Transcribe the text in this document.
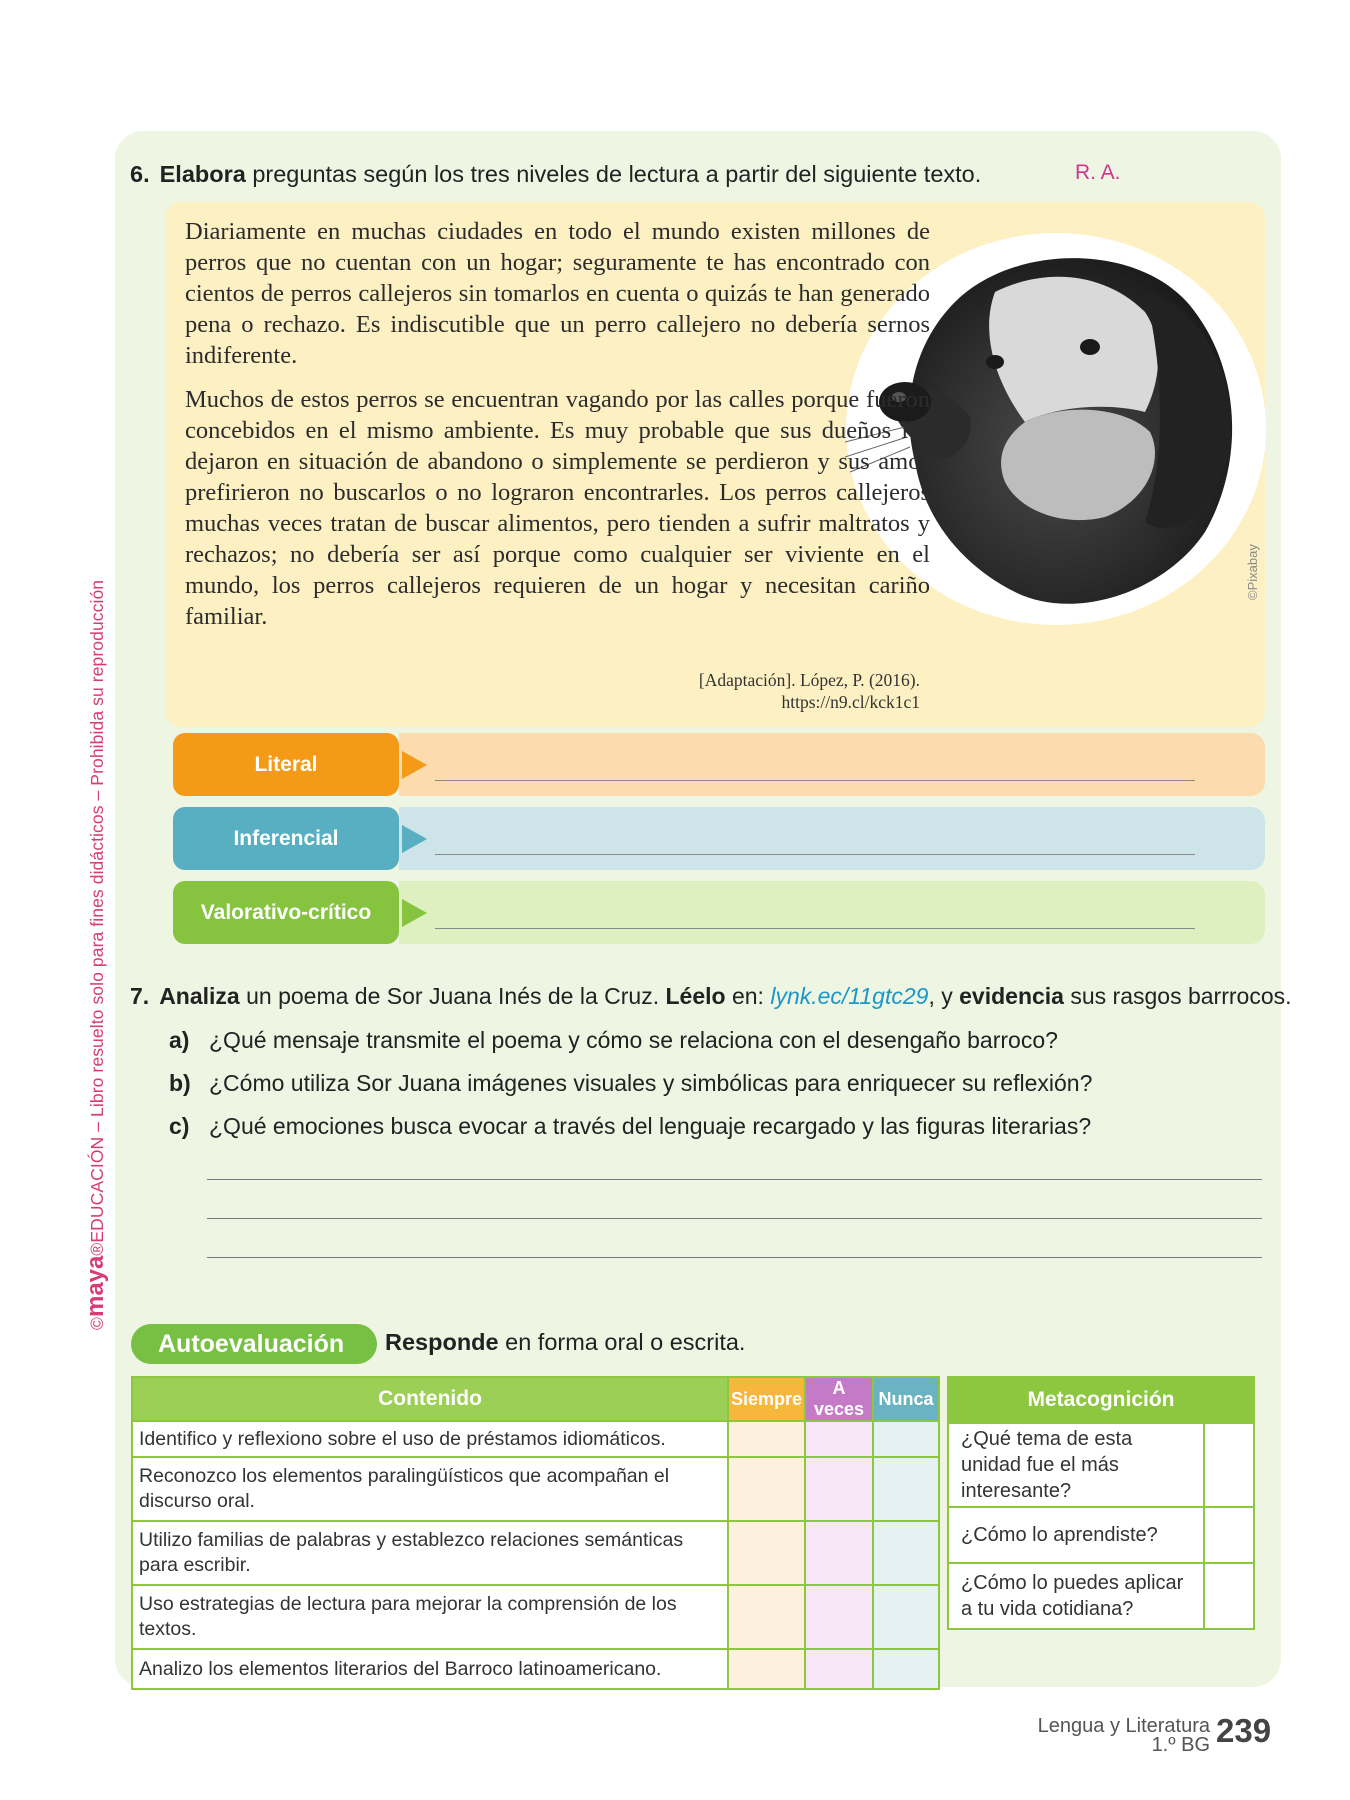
©maya®EDUCACIÓN – Libro resuelto solo para fines didácticos – Prohibida su reproducción
6. Elabora preguntas según los tres niveles de lectura a partir del siguiente texto.	R. A.
©Pixabay

Diariamente en muchas ciudades en todo el mundo existen millones de perros que no cuentan con un hogar; seguramente te has encontrado con cientos de perros callejeros sin tomarlos en cuenta o quizás te han generado pena o rechazo. Es indiscutible que un perro callejero no debería sernos indiferente.

Muchos de estos perros se encuentran vagando por las calles porque fueron concebidos en el mismo ambiente. Es muy probable que sus dueños los dejaron en situación de abandono o simplemente se perdieron y sus amos prefirieron no buscarlos o no lograron encontrarles. Los perros callejeros muchas veces tratan de buscar alimentos, pero tienden a sufrir maltratos y rechazos; no debería ser así porque como cualquier ser viviente en el mundo, los perros callejeros requieren de un hogar y necesitan cariño familiar.

[Adaptación]. López, P. (2016).
https://n9.cl/kck1c1
Literal
Inferencial
Valorativo-crítico
7. Analiza un poema de Sor Juana Inés de la Cruz. Léelo en: lynk.ec/11gtc29, y evidencia sus rasgos barrrocos.
a) ¿Qué mensaje transmite el poema y cómo se relaciona con el desengaño barroco?
b) ¿Cómo utiliza Sor Juana imágenes visuales y simbólicas para enriquecer su reflexión?
c) ¿Qué emociones busca evocar a través del lenguaje recargado y las figuras literarias?
Autoevaluación	Responde en forma oral o escrita.
Contenido	Siempre	A veces	Nunca
Identifico y reflexiono sobre el uso de préstamos idiomáticos.			
Reconozco los elementos paralingüísticos que acompañan el discurso oral.			
Utilizo familias de palabras y establezco relaciones semánticas para escribir.			
Uso estrategias de lectura para mejorar la comprensión de los textos.			
Analizo los elementos literarios del Barroco latinoamericano.			
Metacognición	
¿Qué tema de esta unidad fue el más interesante?	
¿Cómo lo aprendiste?	
¿Cómo lo puedes aplicar a tu vida cotidiana?	
Lengua y Literatura
1.º BG 239
